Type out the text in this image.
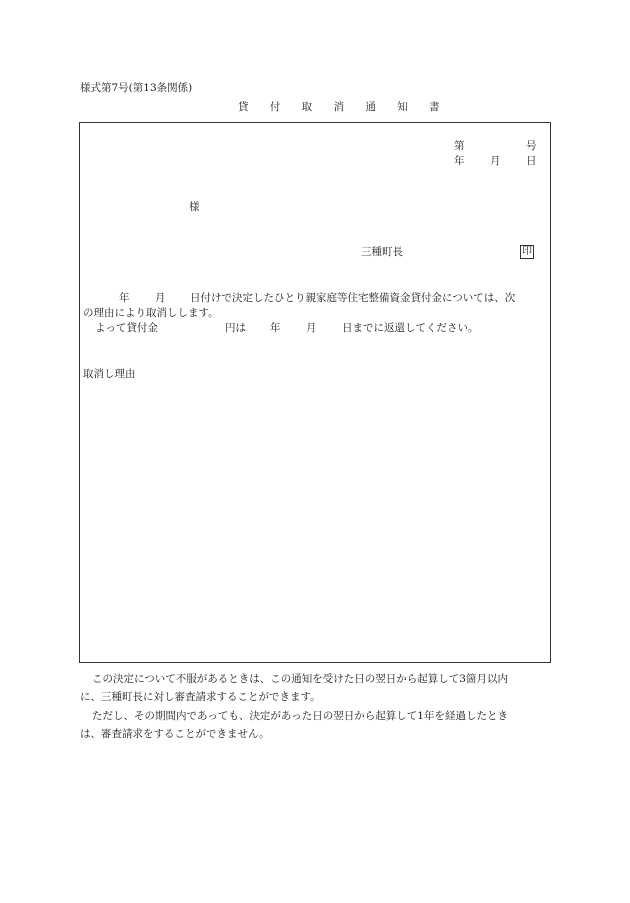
様式第7号(第13条関係)
貸 付 取 消 通 知 書
第	号
年 月 日
様
三種町長	印
年 月 日付けで決定したひとり親家庭等住宅整備資金貸付金については、次
の理由により取消しします。
よって貸付金	円は 年 月 日までに返還してください。
取消し理由
この決定について不服があるときは、この通知を受けた日の翌日から起算して3箇月以内
に、三種町長に対し審査請求することができます。
ただし、その期間内であっても、決定があった日の翌日から起算して1年を経過したとき
は、審査請求をすることができません。
